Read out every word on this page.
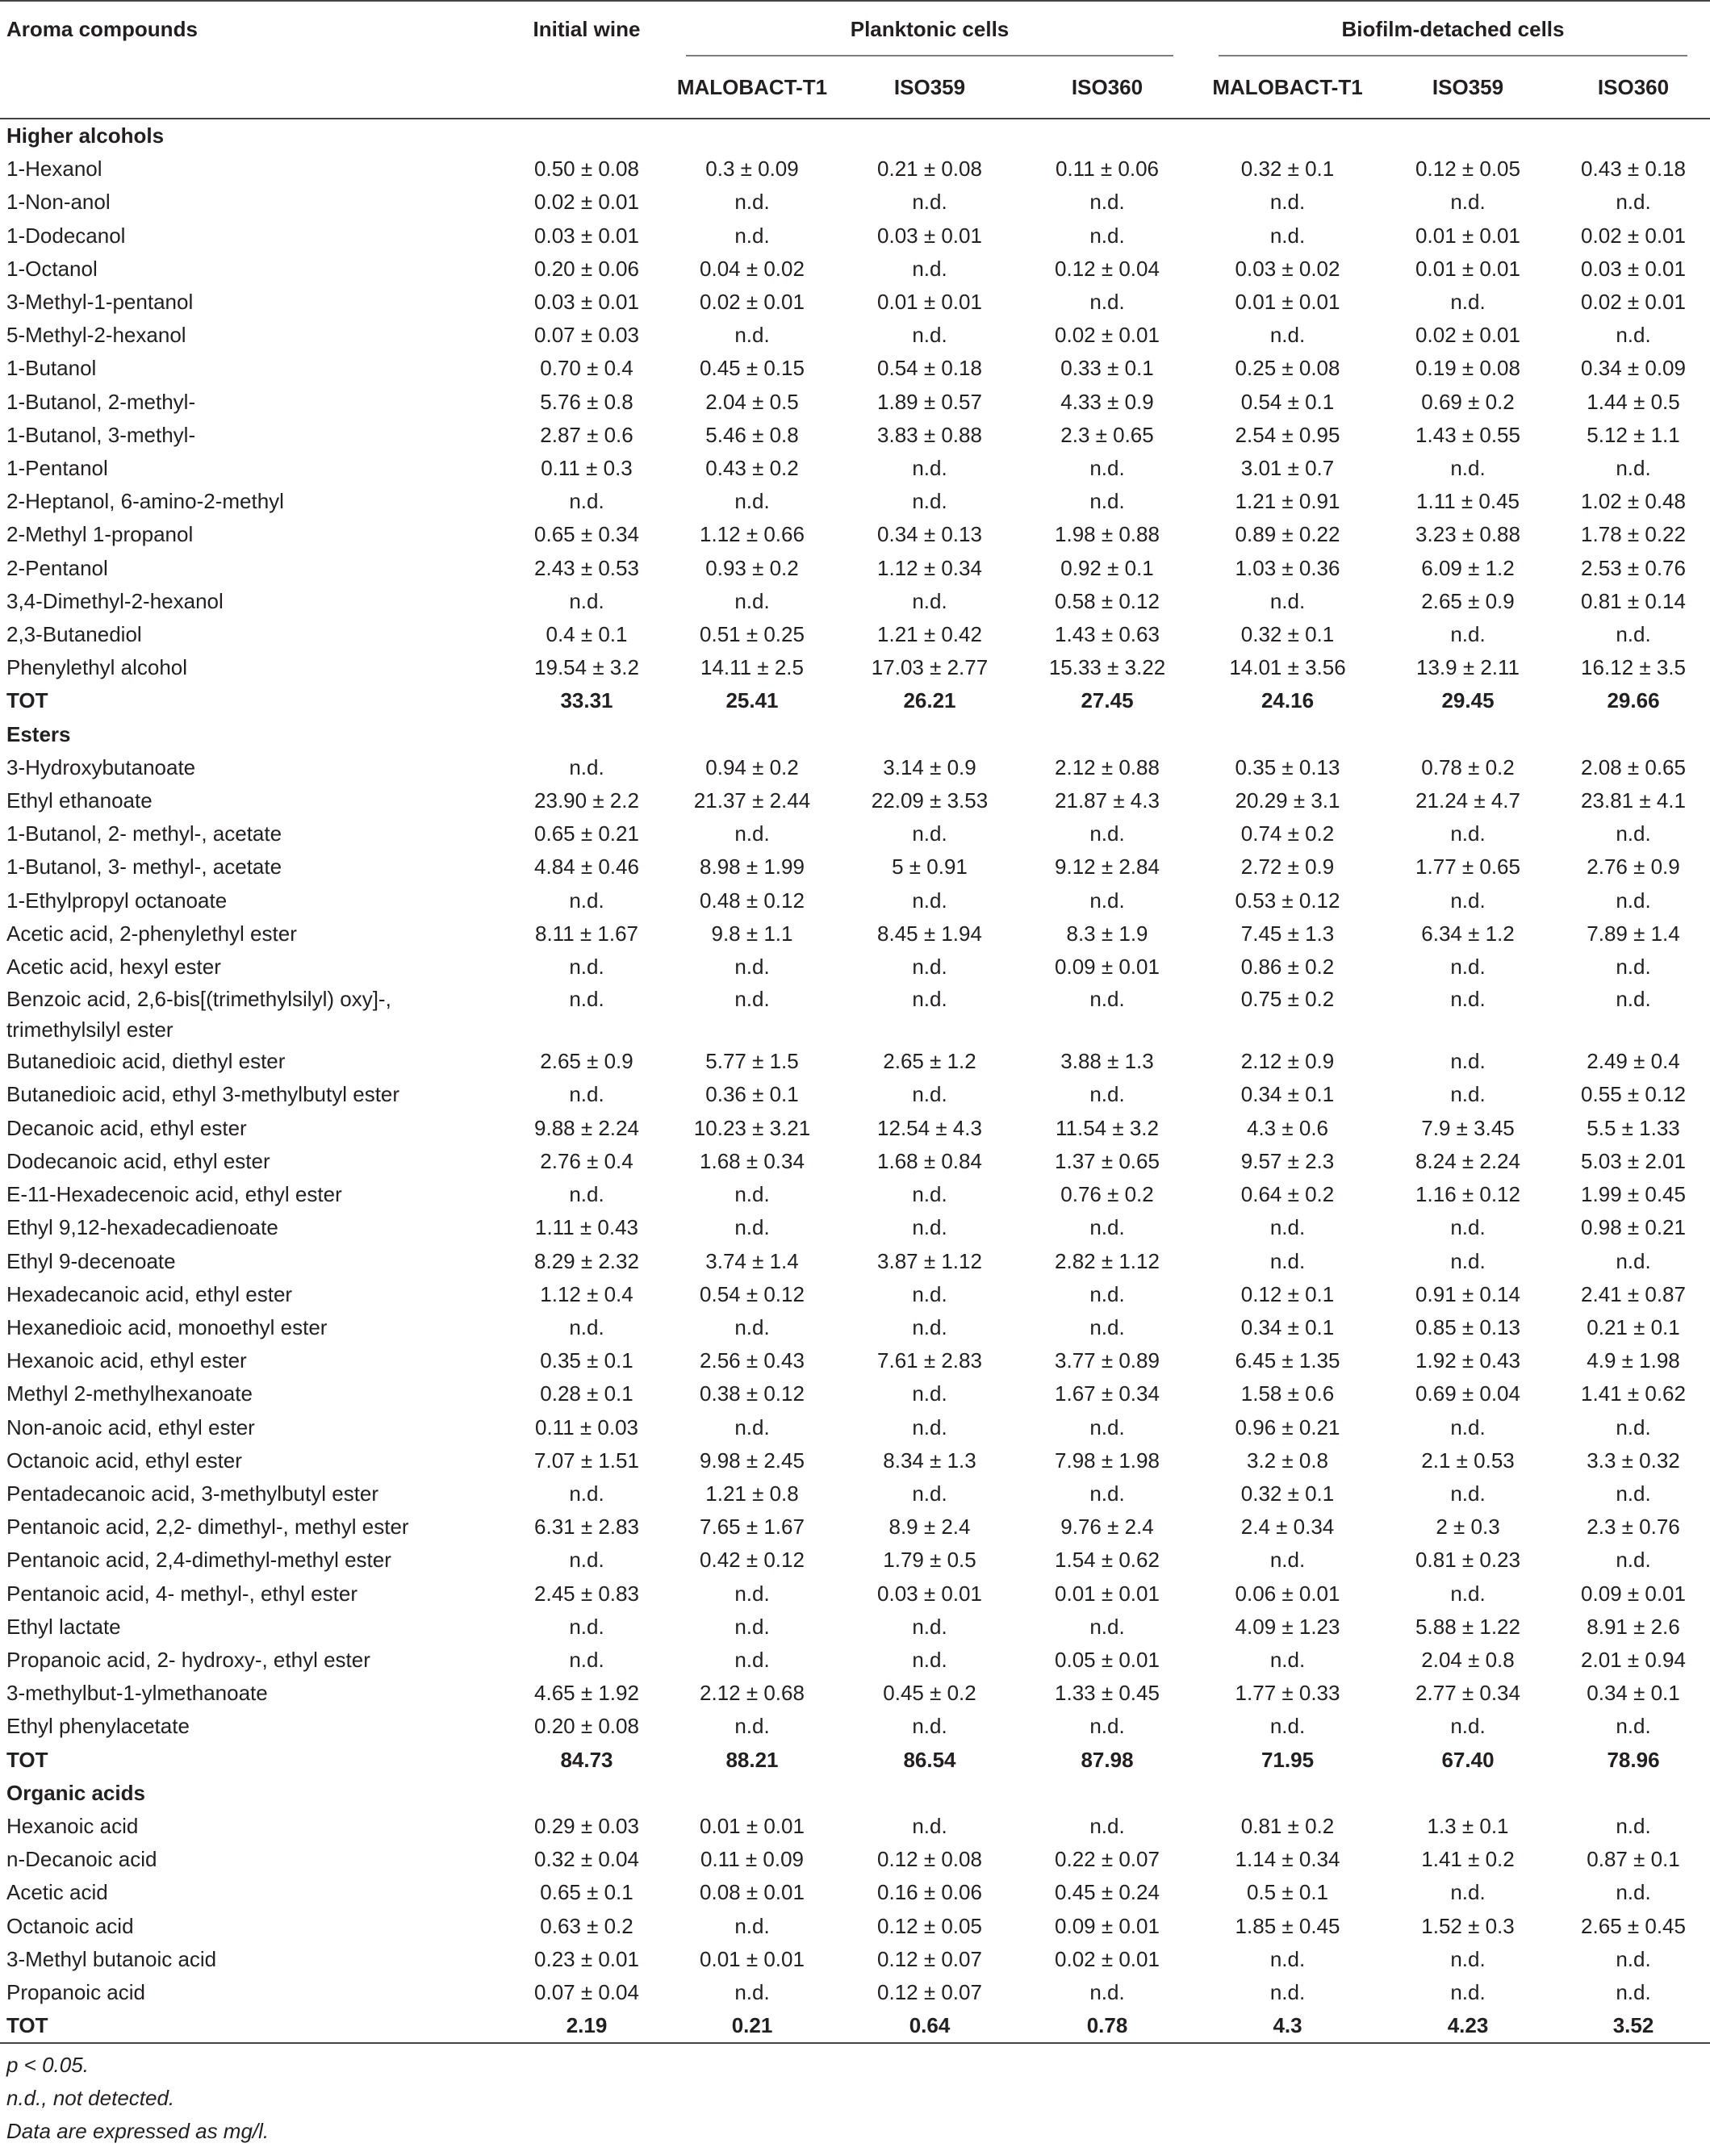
Aroma compounds	Initial wine	Planktonic cells			Biofilm-detached cells		

		MALOBACT-T1	ISO359	ISO360	MALOBACT-T1	ISO359	ISO360
Higher alcohols							
1-Hexanol	0.50 ± 0.08	0.3 ± 0.09	0.21 ± 0.08	0.11 ± 0.06	0.32 ± 0.1	0.12 ± 0.05	0.43 ± 0.18
1-Non-anol	0.02 ± 0.01	n.d.	n.d.	n.d.	n.d.	n.d.	n.d.
1-Dodecanol	0.03 ± 0.01	n.d.	0.03 ± 0.01	n.d.	n.d.	0.01 ± 0.01	0.02 ± 0.01
1-Octanol	0.20 ± 0.06	0.04 ± 0.02	n.d.	0.12 ± 0.04	0.03 ± 0.02	0.01 ± 0.01	0.03 ± 0.01
3-Methyl-1-pentanol	0.03 ± 0.01	0.02 ± 0.01	0.01 ± 0.01	n.d.	0.01 ± 0.01	n.d.	0.02 ± 0.01
5-Methyl-2-hexanol	0.07 ± 0.03	n.d.	n.d.	0.02 ± 0.01	n.d.	0.02 ± 0.01	n.d.
1-Butanol	0.70 ± 0.4	0.45 ± 0.15	0.54 ± 0.18	0.33 ± 0.1	0.25 ± 0.08	0.19 ± 0.08	0.34 ± 0.09
1-Butanol, 2-methyl-	5.76 ± 0.8	2.04 ± 0.5	1.89 ± 0.57	4.33 ± 0.9	0.54 ± 0.1	0.69 ± 0.2	1.44 ± 0.5
1-Butanol, 3-methyl-	2.87 ± 0.6	5.46 ± 0.8	3.83 ± 0.88	2.3 ± 0.65	2.54 ± 0.95	1.43 ± 0.55	5.12 ± 1.1
1-Pentanol	0.11 ± 0.3	0.43 ± 0.2	n.d.	n.d.	3.01 ± 0.7	n.d.	n.d.
2-Heptanol, 6-amino-2-methyl	n.d.	n.d.	n.d.	n.d.	1.21 ± 0.91	1.11 ± 0.45	1.02 ± 0.48
2-Methyl 1-propanol	0.65 ± 0.34	1.12 ± 0.66	0.34 ± 0.13	1.98 ± 0.88	0.89 ± 0.22	3.23 ± 0.88	1.78 ± 0.22
2-Pentanol	2.43 ± 0.53	0.93 ± 0.2	1.12 ± 0.34	0.92 ± 0.1	1.03 ± 0.36	6.09 ± 1.2	2.53 ± 0.76
3,4-Dimethyl-2-hexanol	n.d.	n.d.	n.d.	0.58 ± 0.12	n.d.	2.65 ± 0.9	0.81 ± 0.14
2,3-Butanediol	0.4 ± 0.1	0.51 ± 0.25	1.21 ± 0.42	1.43 ± 0.63	0.32 ± 0.1	n.d.	n.d.
Phenylethyl alcohol	19.54 ± 3.2	14.11 ± 2.5	17.03 ± 2.77	15.33 ± 3.22	14.01 ± 3.56	13.9 ± 2.11	16.12 ± 3.5
TOT	33.31	25.41	26.21	27.45	24.16	29.45	29.66
Esters							
3-Hydroxybutanoate	n.d.	0.94 ± 0.2	3.14 ± 0.9	2.12 ± 0.88	0.35 ± 0.13	0.78 ± 0.2	2.08 ± 0.65
Ethyl ethanoate	23.90 ± 2.2	21.37 ± 2.44	22.09 ± 3.53	21.87 ± 4.3	20.29 ± 3.1	21.24 ± 4.7	23.81 ± 4.1
1-Butanol, 2- methyl-, acetate	0.65 ± 0.21	n.d.	n.d.	n.d.	0.74 ± 0.2	n.d.	n.d.
1-Butanol, 3- methyl-, acetate	4.84 ± 0.46	8.98 ± 1.99	5 ± 0.91	9.12 ± 2.84	2.72 ± 0.9	1.77 ± 0.65	2.76 ± 0.9
1-Ethylpropyl octanoate	n.d.	0.48 ± 0.12	n.d.	n.d.	0.53 ± 0.12	n.d.	n.d.
Acetic acid, 2-phenylethyl ester	8.11 ± 1.67	9.8 ± 1.1	8.45 ± 1.94	8.3 ± 1.9	7.45 ± 1.3	6.34 ± 1.2	7.89 ± 1.4
Acetic acid, hexyl ester	n.d.	n.d.	n.d.	0.09 ± 0.01	0.86 ± 0.2	n.d.	n.d.
Benzoic acid, 2,6-bis[(trimethylsilyl) oxy]-, trimethylsilyl ester	n.d.	n.d.	n.d.	n.d.	0.75 ± 0.2	n.d.	n.d.
Butanedioic acid, diethyl ester	2.65 ± 0.9	5.77 ± 1.5	2.65 ± 1.2	3.88 ± 1.3	2.12 ± 0.9	n.d.	2.49 ± 0.4
Butanedioic acid, ethyl 3-methylbutyl ester	n.d.	0.36 ± 0.1	n.d.	n.d.	0.34 ± 0.1	n.d.	0.55 ± 0.12
Decanoic acid, ethyl ester	9.88 ± 2.24	10.23 ± 3.21	12.54 ± 4.3	11.54 ± 3.2	4.3 ± 0.6	7.9 ± 3.45	5.5 ± 1.33
Dodecanoic acid, ethyl ester	2.76 ± 0.4	1.68 ± 0.34	1.68 ± 0.84	1.37 ± 0.65	9.57 ± 2.3	8.24 ± 2.24	5.03 ± 2.01
E-11-Hexadecenoic acid, ethyl ester	n.d.	n.d.	n.d.	0.76 ± 0.2	0.64 ± 0.2	1.16 ± 0.12	1.99 ± 0.45
Ethyl 9,12-hexadecadienoate	1.11 ± 0.43	n.d.	n.d.	n.d.	n.d.	n.d.	0.98 ± 0.21
Ethyl 9-decenoate	8.29 ± 2.32	3.74 ± 1.4	3.87 ± 1.12	2.82 ± 1.12	n.d.	n.d.	n.d.
Hexadecanoic acid, ethyl ester	1.12 ± 0.4	0.54 ± 0.12	n.d.	n.d.	0.12 ± 0.1	0.91 ± 0.14	2.41 ± 0.87
Hexanedioic acid, monoethyl ester	n.d.	n.d.	n.d.	n.d.	0.34 ± 0.1	0.85 ± 0.13	0.21 ± 0.1
Hexanoic acid, ethyl ester	0.35 ± 0.1	2.56 ± 0.43	7.61 ± 2.83	3.77 ± 0.89	6.45 ± 1.35	1.92 ± 0.43	4.9 ± 1.98
Methyl 2-methylhexanoate	0.28 ± 0.1	0.38 ± 0.12	n.d.	1.67 ± 0.34	1.58 ± 0.6	0.69 ± 0.04	1.41 ± 0.62
Non-anoic acid, ethyl ester	0.11 ± 0.03	n.d.	n.d.	n.d.	0.96 ± 0.21	n.d.	n.d.
Octanoic acid, ethyl ester	7.07 ± 1.51	9.98 ± 2.45	8.34 ± 1.3	7.98 ± 1.98	3.2 ± 0.8	2.1 ± 0.53	3.3 ± 0.32
Pentadecanoic acid, 3-methylbutyl ester	n.d.	1.21 ± 0.8	n.d.	n.d.	0.32 ± 0.1	n.d.	n.d.
Pentanoic acid, 2,2- dimethyl-, methyl ester	6.31 ± 2.83	7.65 ± 1.67	8.9 ± 2.4	9.76 ± 2.4	2.4 ± 0.34	2 ± 0.3	2.3 ± 0.76
Pentanoic acid, 2,4-dimethyl-methyl ester	n.d.	0.42 ± 0.12	1.79 ± 0.5	1.54 ± 0.62	n.d.	0.81 ± 0.23	n.d.
Pentanoic acid, 4- methyl-, ethyl ester	2.45 ± 0.83	n.d.	0.03 ± 0.01	0.01 ± 0.01	0.06 ± 0.01	n.d.	0.09 ± 0.01
Ethyl lactate	n.d.	n.d.	n.d.	n.d.	4.09 ± 1.23	5.88 ± 1.22	8.91 ± 2.6
Propanoic acid, 2- hydroxy-, ethyl ester	n.d.	n.d.	n.d.	0.05 ± 0.01	n.d.	2.04 ± 0.8	2.01 ± 0.94
3-methylbut-1-ylmethanoate	4.65 ± 1.92	2.12 ± 0.68	0.45 ± 0.2	1.33 ± 0.45	1.77 ± 0.33	2.77 ± 0.34	0.34 ± 0.1
Ethyl phenylacetate	0.20 ± 0.08	n.d.	n.d.	n.d.	n.d.	n.d.	n.d.
TOT	84.73	88.21	86.54	87.98	71.95	67.40	78.96
Organic acids							
Hexanoic acid	0.29 ± 0.03	0.01 ± 0.01	n.d.	n.d.	0.81 ± 0.2	1.3 ± 0.1	n.d.
n-Decanoic acid	0.32 ± 0.04	0.11 ± 0.09	0.12 ± 0.08	0.22 ± 0.07	1.14 ± 0.34	1.41 ± 0.2	0.87 ± 0.1
Acetic acid	0.65 ± 0.1	0.08 ± 0.01	0.16 ± 0.06	0.45 ± 0.24	0.5 ± 0.1	n.d.	n.d.
Octanoic acid	0.63 ± 0.2	n.d.	0.12 ± 0.05	0.09 ± 0.01	1.85 ± 0.45	1.52 ± 0.3	2.65 ± 0.45
3-Methyl butanoic acid	0.23 ± 0.01	0.01 ± 0.01	0.12 ± 0.07	0.02 ± 0.01	n.d.	n.d.	n.d.
Propanoic acid	0.07 ± 0.04	n.d.	0.12 ± 0.07	n.d.	n.d.	n.d.	n.d.
TOT	2.19	0.21	0.64	0.78	4.3	4.23	3.52
p < 0.05.
n.d., not detected.
Data are expressed as mg/l.
